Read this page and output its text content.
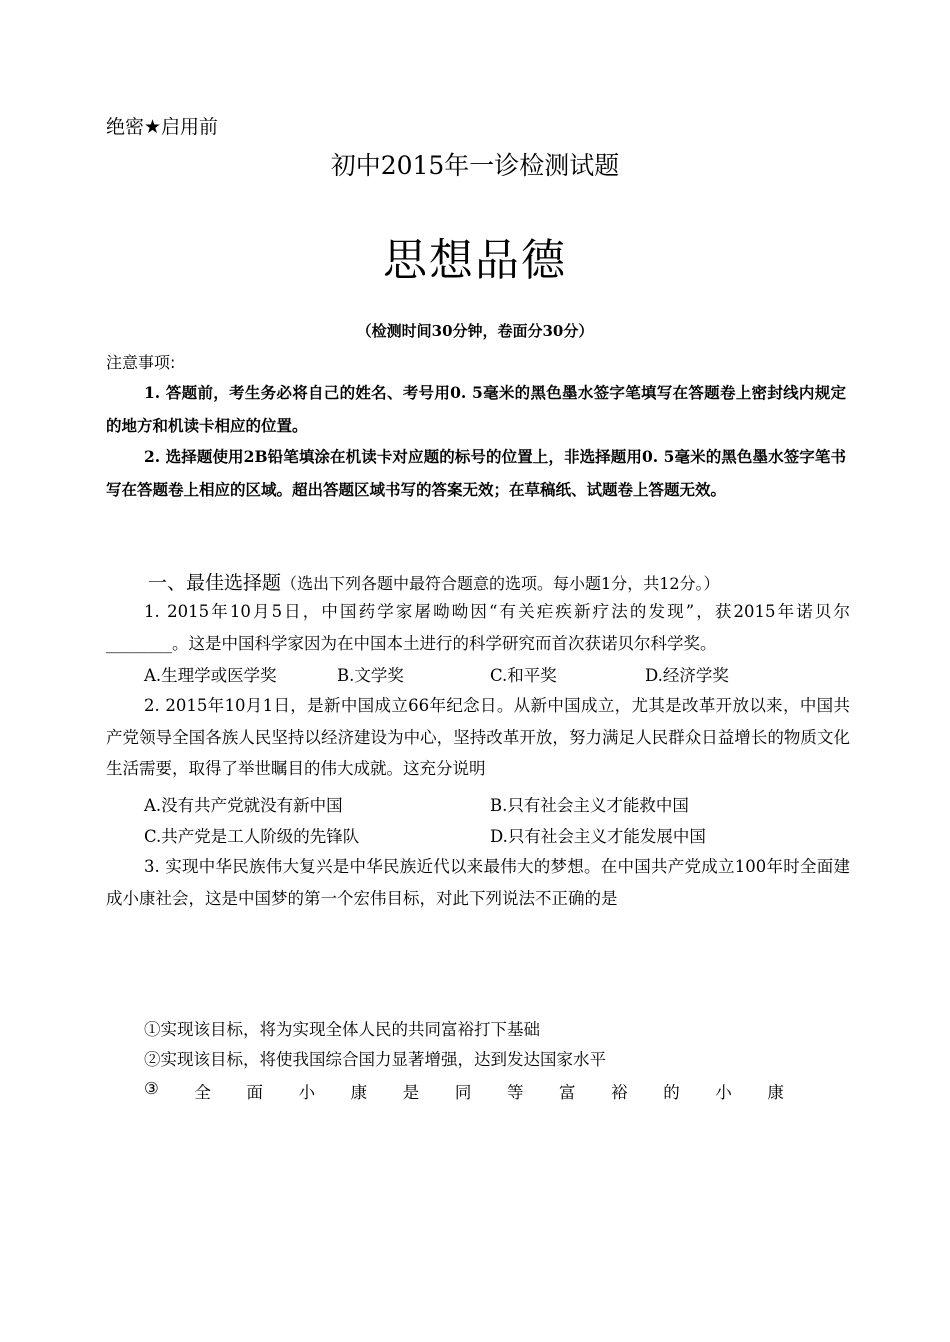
绝密★启用前
初中2015年一诊检测试题
思想品德
（检测时间30分钟，卷面分30分）
注意事项:
1. 答题前，考生务必将自己的姓名、考号用0. 5毫米的黑色墨水签字笔填写在答题卷上密封线内规定的地方和机读卡相应的位置。
2. 选择题使用2B铅笔填涂在机读卡对应题的标号的位置上，非选择题用0. 5毫米的黑色墨水签字笔书写在答题卷上相应的区域。超出答题区域书写的答案无效；在草稿纸、试题卷上答题无效。
一、最佳选择题（选出下列各题中最符合题意的选项。每小题1分，共12分。）
1. 2015年10月5日，中国药学家屠呦呦因“有关疟疾新疗法的发现”，获2015年诺贝尔________。这是中国科学家因为在中国本土进行的科学研究而首次获诺贝尔科学奖。
A.生理学或医学奖	B.文学奖	C.和平奖	D.经济学奖
2. 2015年10月1日，是新中国成立66年纪念日。从新中国成立，尤其是改革开放以来，中国共产党领导全国各族人民坚持以经济建设为中心，坚持改革开放，努力满足人民群众日益增长的物质文化生活需要，取得了举世瞩目的伟大成就。这充分说明
A.没有共产党就没有新中国	B.只有社会主义才能救中国
C.共产党是工人阶级的先锋队	D.只有社会主义才能发展中国
3. 实现中华民族伟大复兴是中华民族近代以来最伟大的梦想。在中国共产党成立100年时全面建成小康社会，这是中国梦的第一个宏伟目标，对此下列说法不正确的是
①实现该目标，将为实现全体人民的共同富裕打下基础
②实现该目标，将使我国综合国力显著增强，达到发达国家水平
③ 全 面 小 康 是 同 等 富 裕 的 小 康
